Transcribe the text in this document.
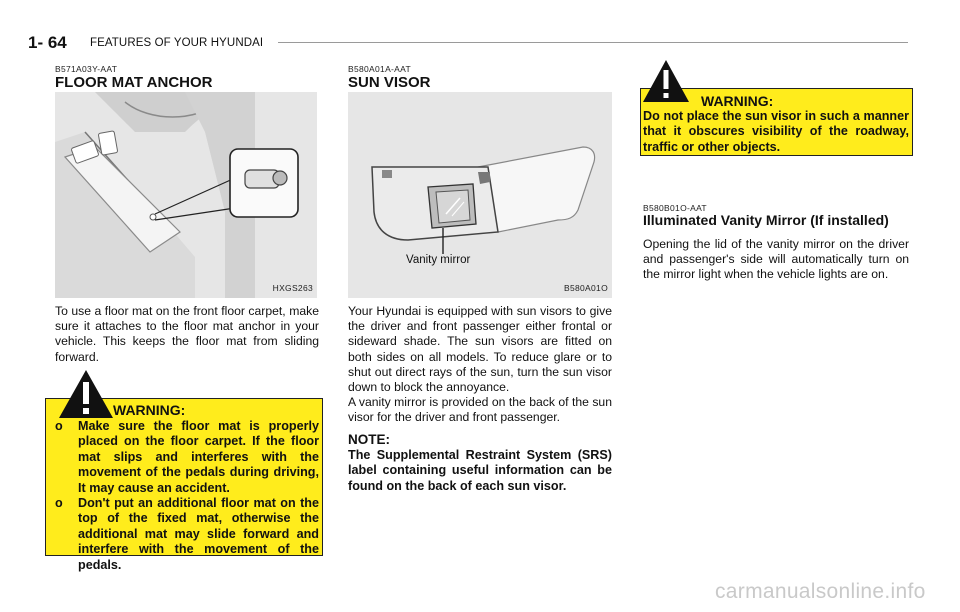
1- 64 FEATURES OF YOUR HYUNDAI
B571A03Y-AAT
FLOOR MAT ANCHOR
HXGS263
To use a floor mat on the front floor carpet, make sure it attaches to the floor mat anchor in your vehicle. This keeps the floor mat from sliding forward.
WARNING:
o Make sure the floor mat is properly placed on the floor carpet. If the floor mat slips and interferes with the movement of the pedals during driving, It may cause an accident.
o Don't put an additional floor mat on the top of the fixed mat, otherwise the additional mat may slide forward and interfere with the movement of the pedals.
B580A01A-AAT
SUN VISOR
Vanity mirror
B580A01O
Your Hyundai is equipped with sun visors to give the driver and front passenger either frontal or sideward shade. The sun visors are fitted on both sides on all models. To reduce glare or to shut out direct rays of the sun, turn the sun visor down to block the annoyance.
A vanity mirror is provided on the back of the sun visor for the driver and front passenger.
NOTE:
The Supplemental Restraint System (SRS) label containing useful information can be found on the back of each sun visor.
WARNING:
Do not place the sun visor in such a manner that it obscures visibility of the roadway, traffic or other objects.
B580B01O-AAT
Illuminated Vanity Mirror (If installed)
Opening the lid of the vanity mirror on the driver and passenger's side will automatically turn on the mirror light when the vehicle lights are on.
carmanualsonline.info
